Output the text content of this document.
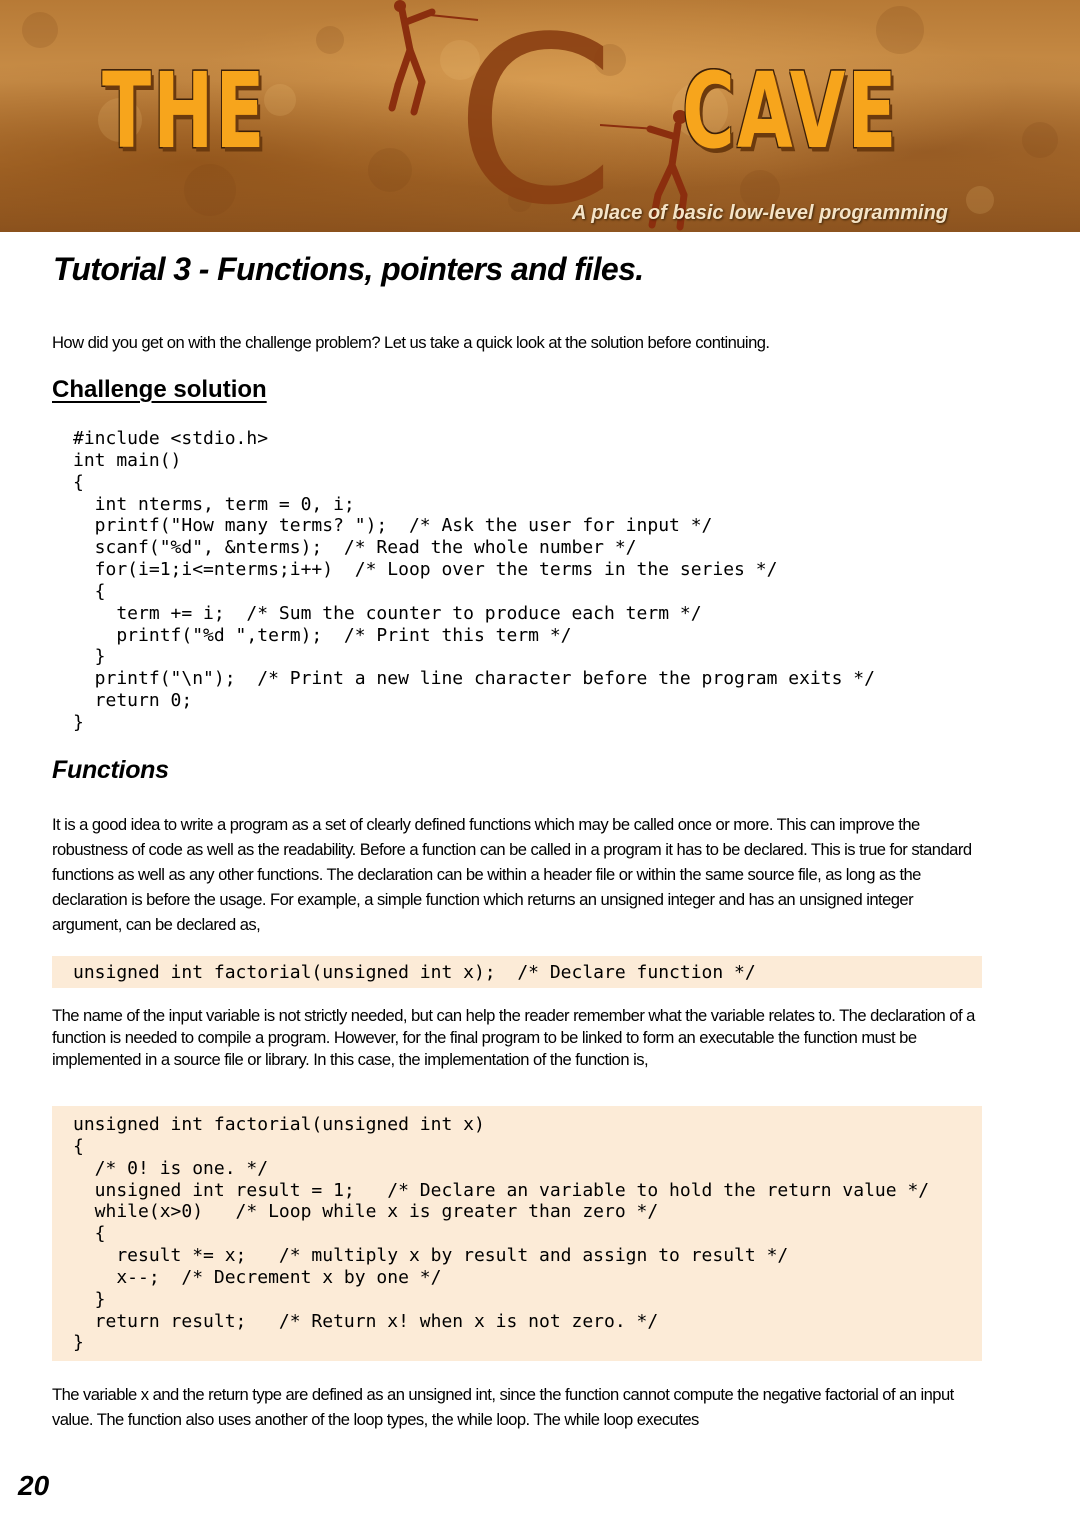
THE C CAVE
A place of basic low-level programming
Tutorial 3 - Functions, pointers and files.

How did you get on with the challenge problem? Let us take a quick look at the solution before continuing.

Challenge solution
#include <stdio.h>
int main()
{
int nterms, term = 0, i;
printf("How many terms? ");  /* Ask the user for input */
scanf("%d", &nterms);  /* Read the whole number */
for(i=1;i<=nterms;i++)  /* Loop over the terms in the series */
{
term += i;  /* Sum the counter to produce each term */
printf("%d ",term);  /* Print this term */
}
printf("\n");  /* Print a new line character before the program exits */
return 0;
}
Functions

It is a good idea to write a program as a set of clearly defined functions which may be called once or more. This can improve the robustness of code as well as the readability. Before a function can be called in a program it has to be declared. This is true for standard functions as well as any other functions. The declaration can be within a header file or within the same source file, as long as the declaration is before the usage. For example, a simple function which returns an unsigned integer and has an unsigned integer argument, can be declared as,

unsigned int factorial(unsigned int x);  /* Declare function */

The name of the input variable is not strictly needed, but can help the reader remember what the variable relates to. The declaration of a function is needed to compile a program. However, for the final program to be linked to form an executable the function must be implemented in a source file or library. In this case, the implementation of the function is,

unsigned int factorial(unsigned int x)
{
/* 0! is one. */
unsigned int result = 1;   /* Declare an variable to hold the return value */
while(x>0)   /* Loop while x is greater than zero */
{
result *= x;   /* multiply x by result and assign to result */
x--;  /* Decrement x by one */
}
return result;   /* Return x! when x is not zero. */
}

The variable x and the return type are defined as an unsigned int, since the function cannot compute the negative factorial of an input value. The function also uses another of the loop types, the while loop. The while loop executes

20
